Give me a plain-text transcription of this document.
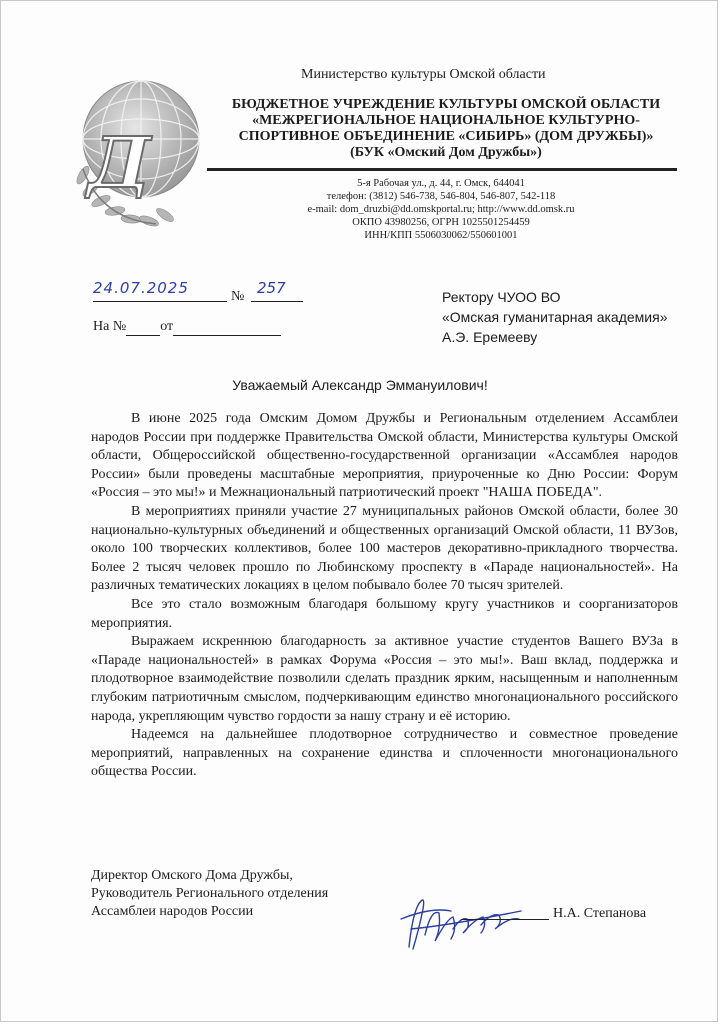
Д
Министерство культуры Омской области
БЮДЖЕТНОЕ УЧРЕЖДЕНИЕ КУЛЬТУРЫ ОМСКОЙ ОБЛАСТИ
«МЕЖРЕГИОНАЛЬНОЕ НАЦИОНАЛЬНОЕ КУЛЬТУРНО-
СПОРТИВНОЕ ОБЪЕДИНЕНИЕ «СИБИРЬ» (ДОМ ДРУЖБЫ)»
(БУК «Омский Дом Дружбы»)
5-я Рабочая ул., д. 44, г. Омск, 644041
телефон: (3812) 546-738, 546-804, 546-807, 542-118
e-mail: dom_druzbi@dd.omskportal.ru; http://www.dd.omsk.ru
ОКПО 43980256, ОГРН 1025501254459
ИНН/КПП 5506030062/550601001
24.07.2025	№ 257
На № от
Ректору ЧУОО ВО
«Омская гуманитарная академия»
А.Э. Еремееву
Уважаемый Александр Эммануилович!

В июне 2025 года Омским Домом Дружбы и Региональным отделением Ассамблеи народов России при поддержке Правительства Омской области, Министерства культуры Омской области, Общероссийской общественно-государственной организации «Ассамблея народов России» были проведены масштабные мероприятия, приуроченные ко Дню России: Форум «Россия – это мы!» и Межнациональный патриотический проект "НАША ПОБЕДА".

В мероприятиях приняли участие 27 муниципальных районов Омской области, более 30 национально-культурных объединений и общественных организаций Омской области, 11 ВУЗов, около 100 творческих коллективов, более 100 мастеров декоративно-прикладного творчества. Более 2 тысяч человек прошло по Любинскому проспекту в «Параде национальностей». На различных тематических локациях в целом побывало более 70 тысяч зрителей.

Все это стало возможным благодаря большому кругу участников и соорганизаторов мероприятия.

Выражаем искреннюю благодарность за активное участие студентов Вашего ВУЗа в «Параде национальностей» в рамках Форума «Россия – это мы!». Ваш вклад, поддержка и плодотворное взаимодействие позволили сделать праздник ярким, насыщенным и наполненным глубоким патриотичным смыслом, подчеркивающим единство многонационального российского народа, укрепляющим чувство гордости за нашу страну и её историю.

Надеемся на дальнейшее плодотворное сотрудничество и совместное проведение мероприятий, направленных на сохранение единства и сплоченности многонационального общества России.

Директор Омского Дома Дружбы,
Руководитель Регионального отделения
Ассамблеи народов России	Н.А. Степанова
